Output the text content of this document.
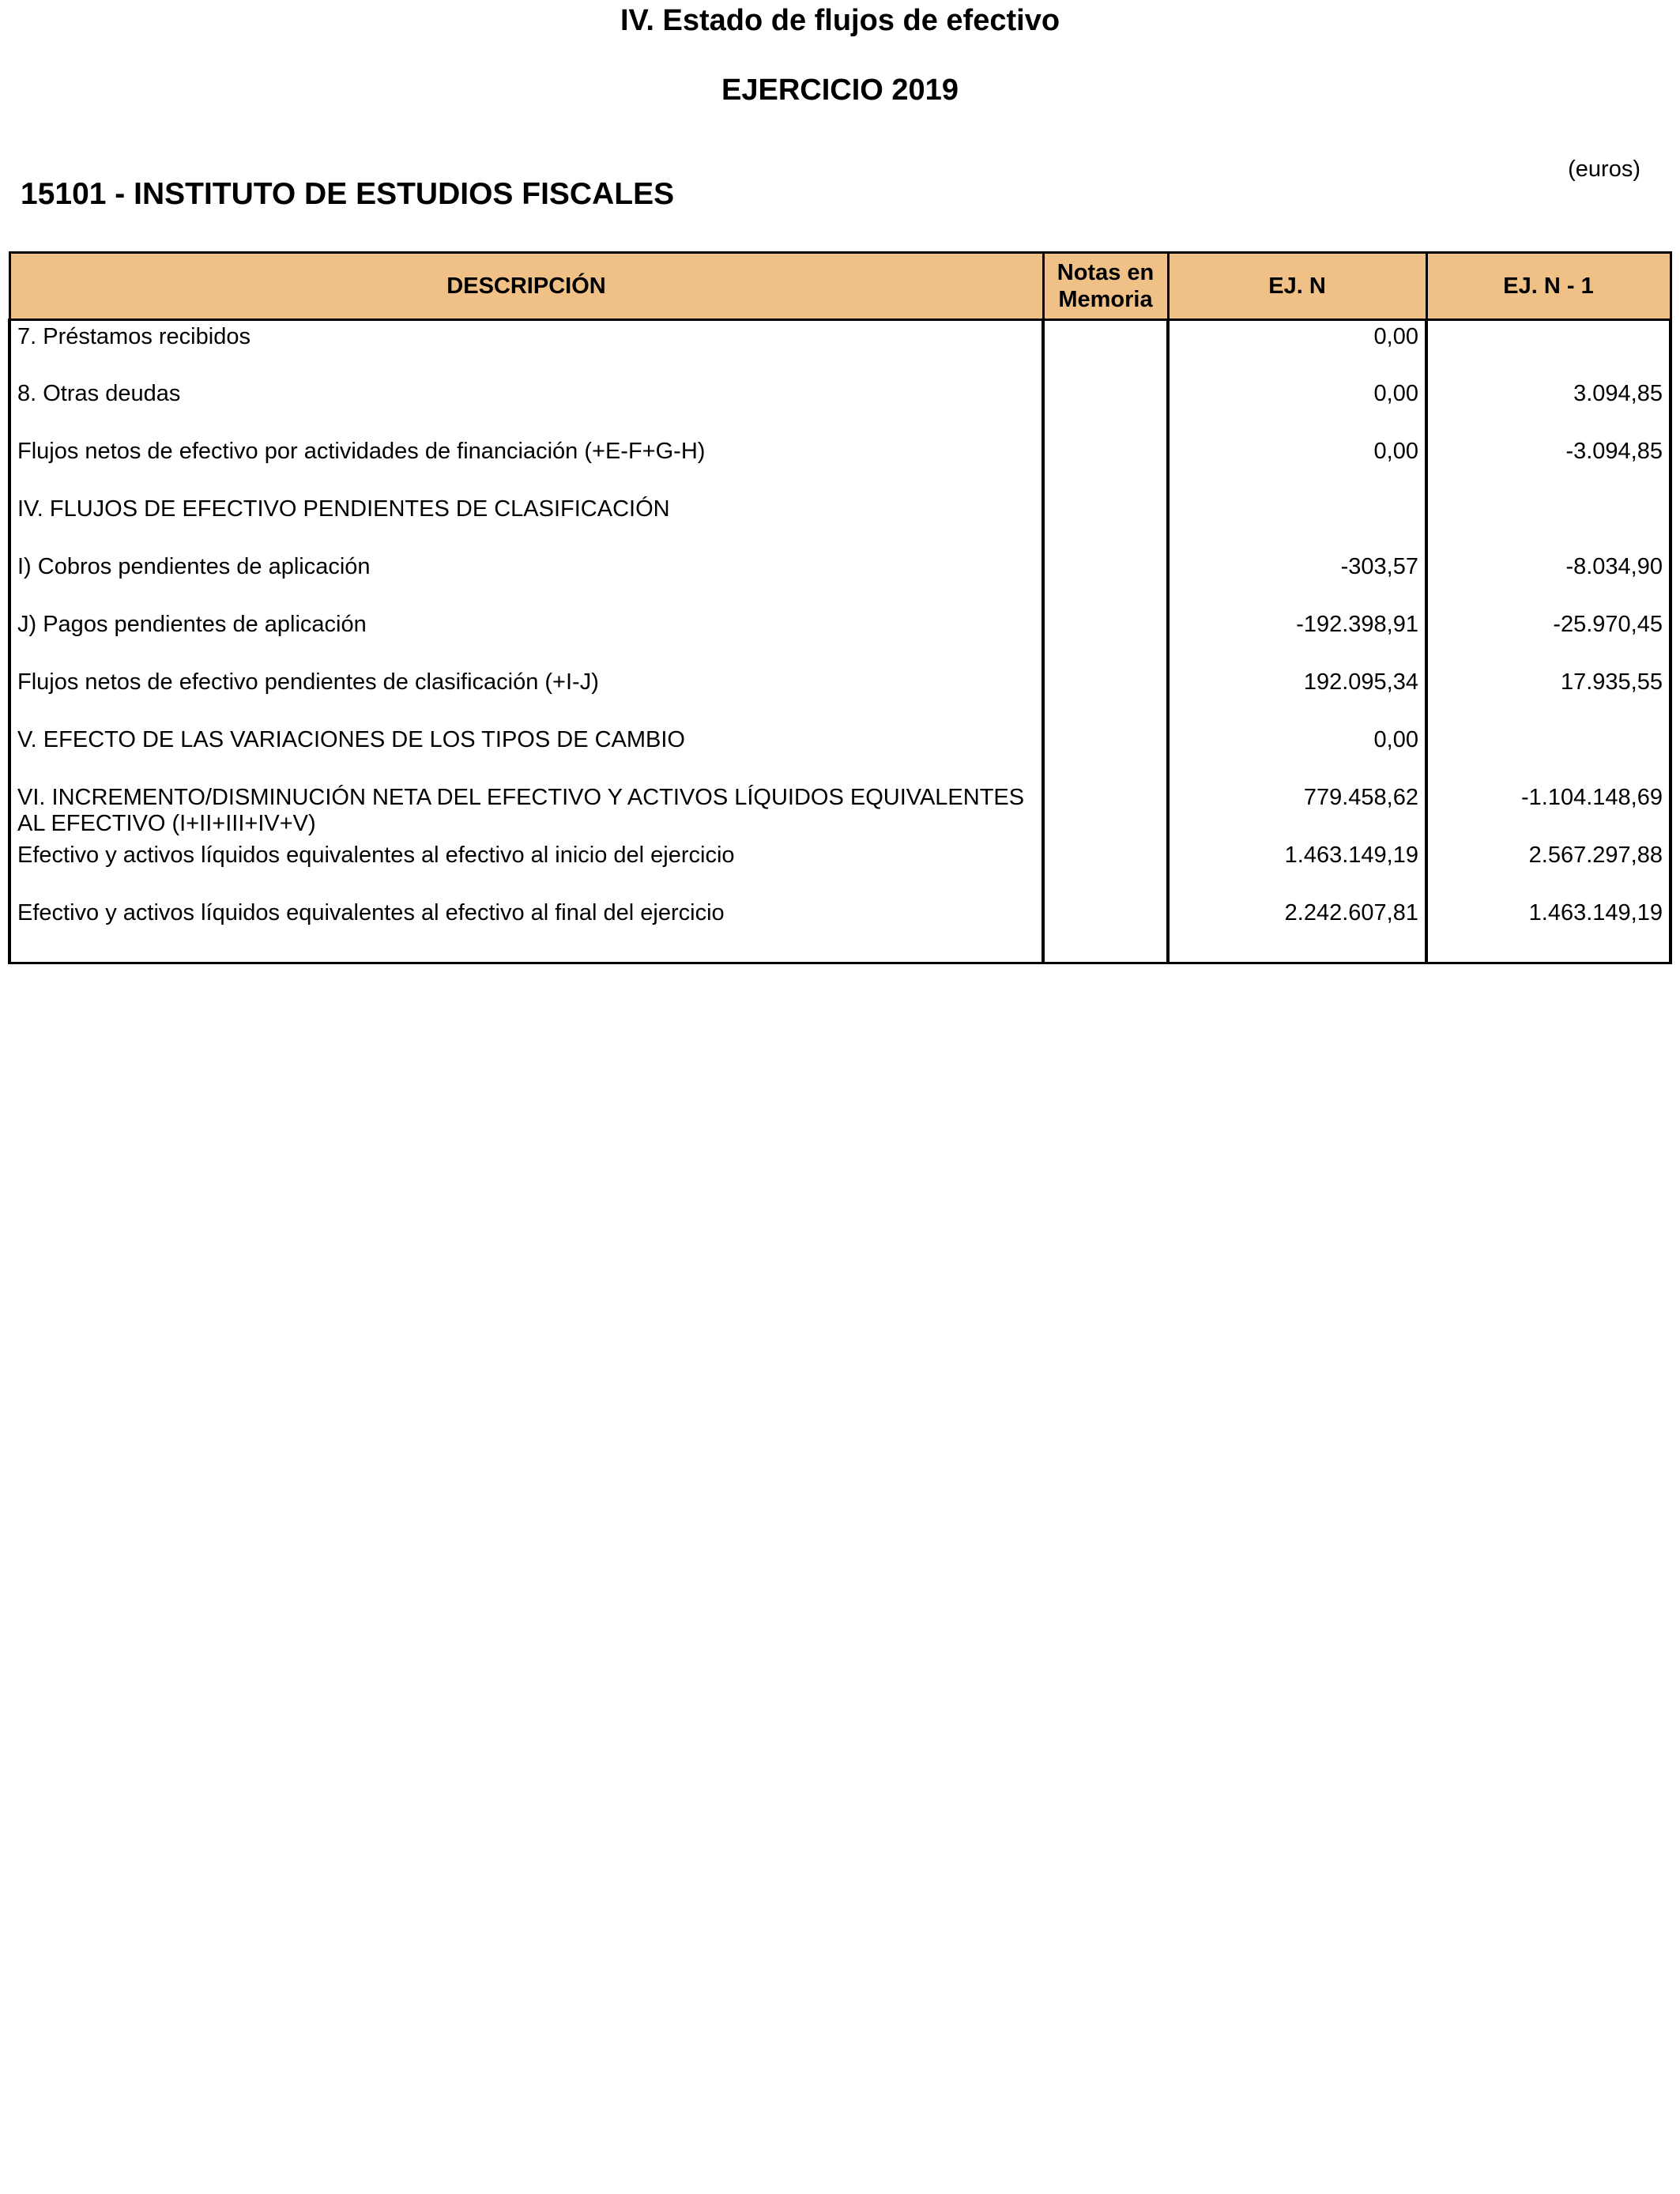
IV. Estado de flujos de efectivo
EJERCICIO 2019
(euros)
15101 - INSTITUTO DE ESTUDIOS FISCALES
DESCRIPCIÓN	Notas en Memoria	EJ. N	EJ. N - 1
7. Préstamos recibidos		0,00	
8. Otras deudas		0,00	3.094,85
Flujos netos de efectivo por actividades de financiación (+E-F+G-H)		0,00	-3.094,85
IV. FLUJOS DE EFECTIVO PENDIENTES DE CLASIFICACIÓN			
I) Cobros pendientes de aplicación		-303,57	-8.034,90
J) Pagos pendientes de aplicación		-192.398,91	-25.970,45
Flujos netos de efectivo pendientes de clasificación (+I-J)		192.095,34	17.935,55
V. EFECTO DE LAS VARIACIONES DE LOS TIPOS DE CAMBIO		0,00	
VI. INCREMENTO/DISMINUCIÓN NETA DEL EFECTIVO Y ACTIVOS LÍQUIDOS EQUIVALENTES AL EFECTIVO (I+II+III+IV+V)		779.458,62	-1.104.148,69
Efectivo y activos líquidos equivalentes al efectivo al inicio del ejercicio		1.463.149,19	2.567.297,88
Efectivo y activos líquidos equivalentes al efectivo al final del ejercicio		2.242.607,81	1.463.149,19
